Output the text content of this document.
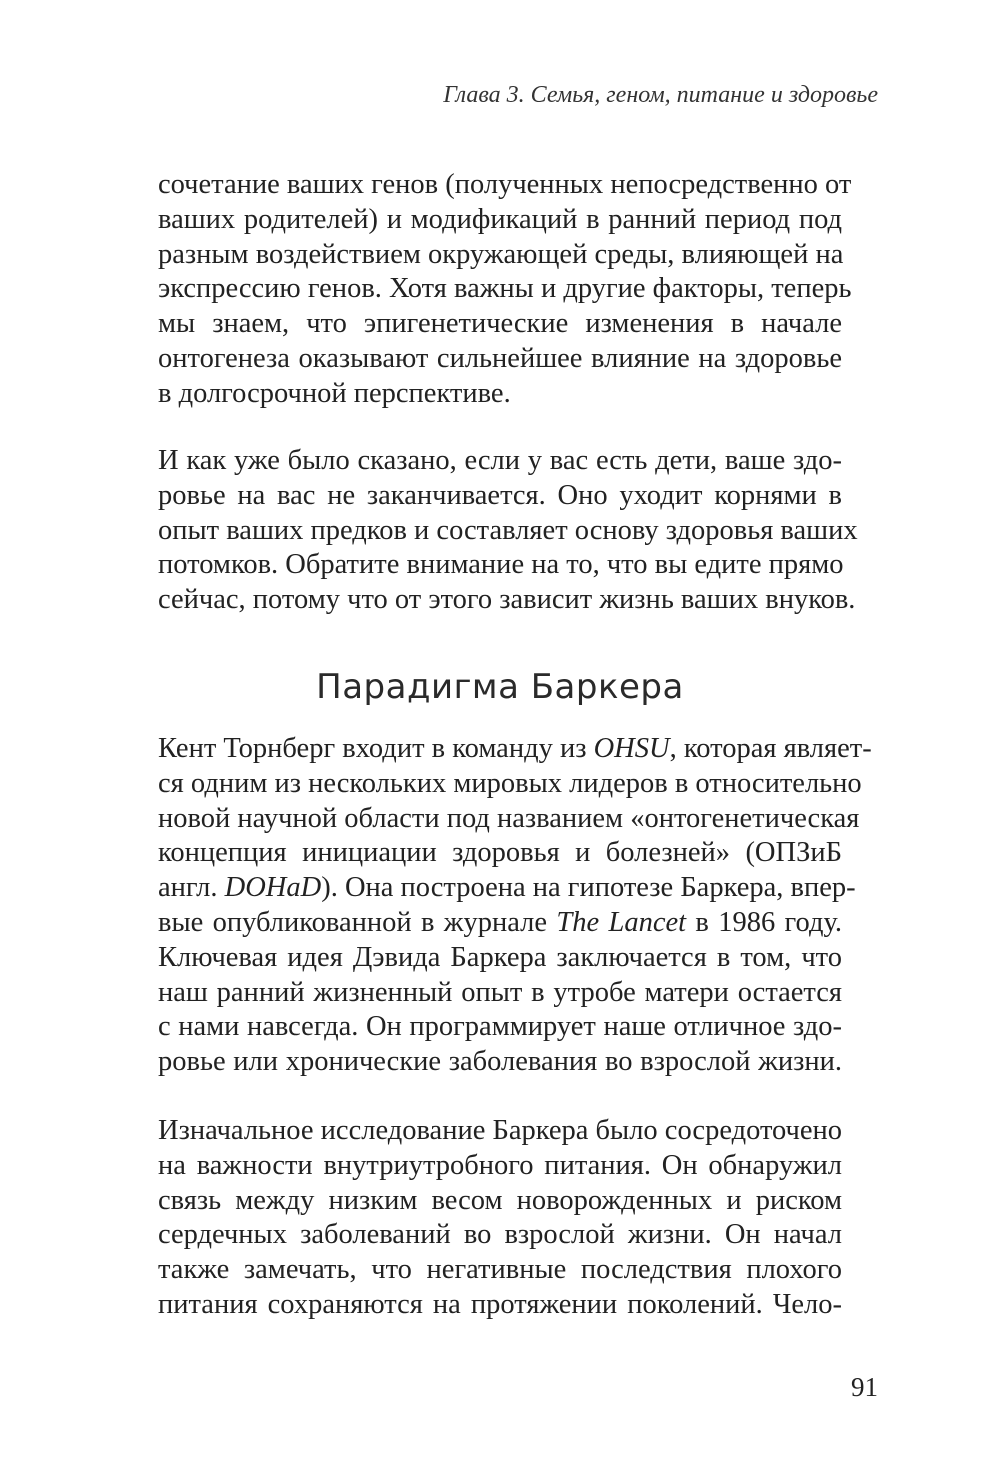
Глава 3. Семья, геном, питание и здоровье

сочетание ваших генов (полученных непосредственно от
ваших родителей) и модификаций в ранний период под
разным воздействием окружающей среды, влияющей на
экспрессию генов. Хотя важны и другие факторы, теперь
мы знаем, что эпигенетические изменения в начале
онтогенеза оказывают сильнейшее влияние на здоровье
в долгосрочной перспективе.

И как уже было сказано, если у вас есть дети, ваше здо-
ровье на вас не заканчивается. Оно уходит корнями в
опыт ваших предков и составляет основу здоровья ваших
потомков. Обратите внимание на то, что вы едите прямо
сейчас, потому что от этого зависит жизнь ваших внуков.

Парадигма Баркера

Кент Торнберг входит в команду из OHSU, которая являет-
ся одним из нескольких мировых лидеров в относительно
новой научной области под названием «онтогенетическая
концепция инициации здоровья и болезней» (ОПЗиБ
англ. DOHaD). Она построена на гипотезе Баркера, впер-
вые опубликованной в журнале The Lancet в 1986 году.
Ключевая идея Дэвида Баркера заключается в том, что
наш ранний жизненный опыт в утробе матери остается
с нами навсегда. Он программирует наше отличное здо-
ровье или хронические заболевания во взрослой жизни.

Изначальное исследование Баркера было сосредоточено
на важности внутриутробного питания. Он обнаружил
связь между низким весом новорожденных и риском
сердечных заболеваний во взрослой жизни. Он начал
также замечать, что негативные последствия плохого
питания сохраняются на протяжении поколений. Чело-

91
